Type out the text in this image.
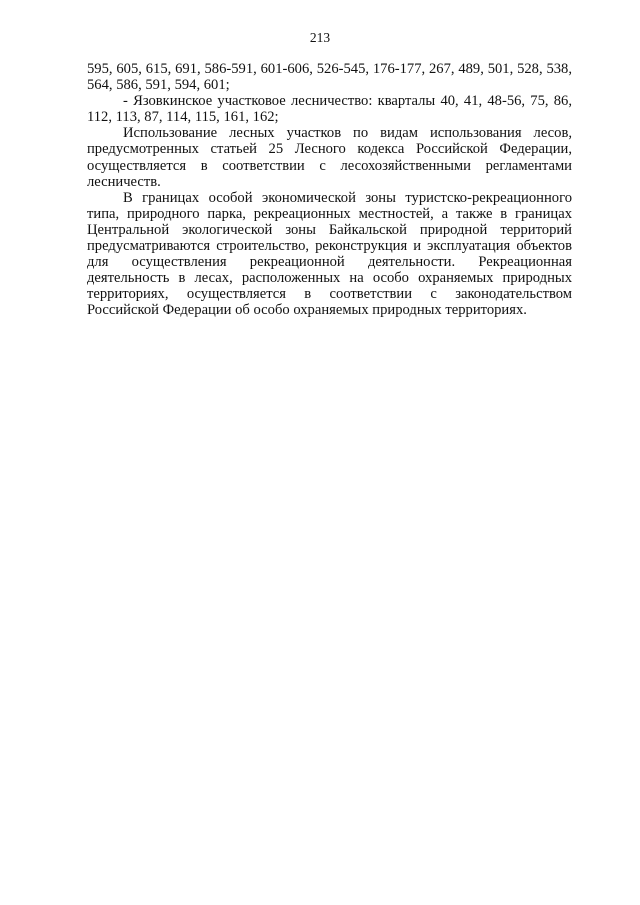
213

595, 605, 615, 691, 586-591, 601-606, 526-545, 176-177, 267, 489, 501, 528, 538, 564, 586, 591, 594, 601;

- Язовкинское участковое лесничество: кварталы 40, 41, 48-56, 75, 86, 112, 113, 87, 114, 115, 161, 162;

Использование лесных участков по видам использования лесов, предусмотренных статьей 25 Лесного кодекса Российской Федерации, осуществляется в соответствии с лесохозяйственными регламентами лесничеств.

В границах особой экономической зоны туристско-рекреационного типа, природного парка, рекреационных местностей, а также в границах Центральной экологической зоны Байкальской природной территорий предусматриваются строительство, реконструкция и эксплуатация объектов для осуществления рекреационной деятельности. Рекреационная деятельность в лесах, расположенных на особо охраняемых природных территориях, осуществляется в соответствии с законодательством Российской Федерации об особо охраняемых природных территориях.
